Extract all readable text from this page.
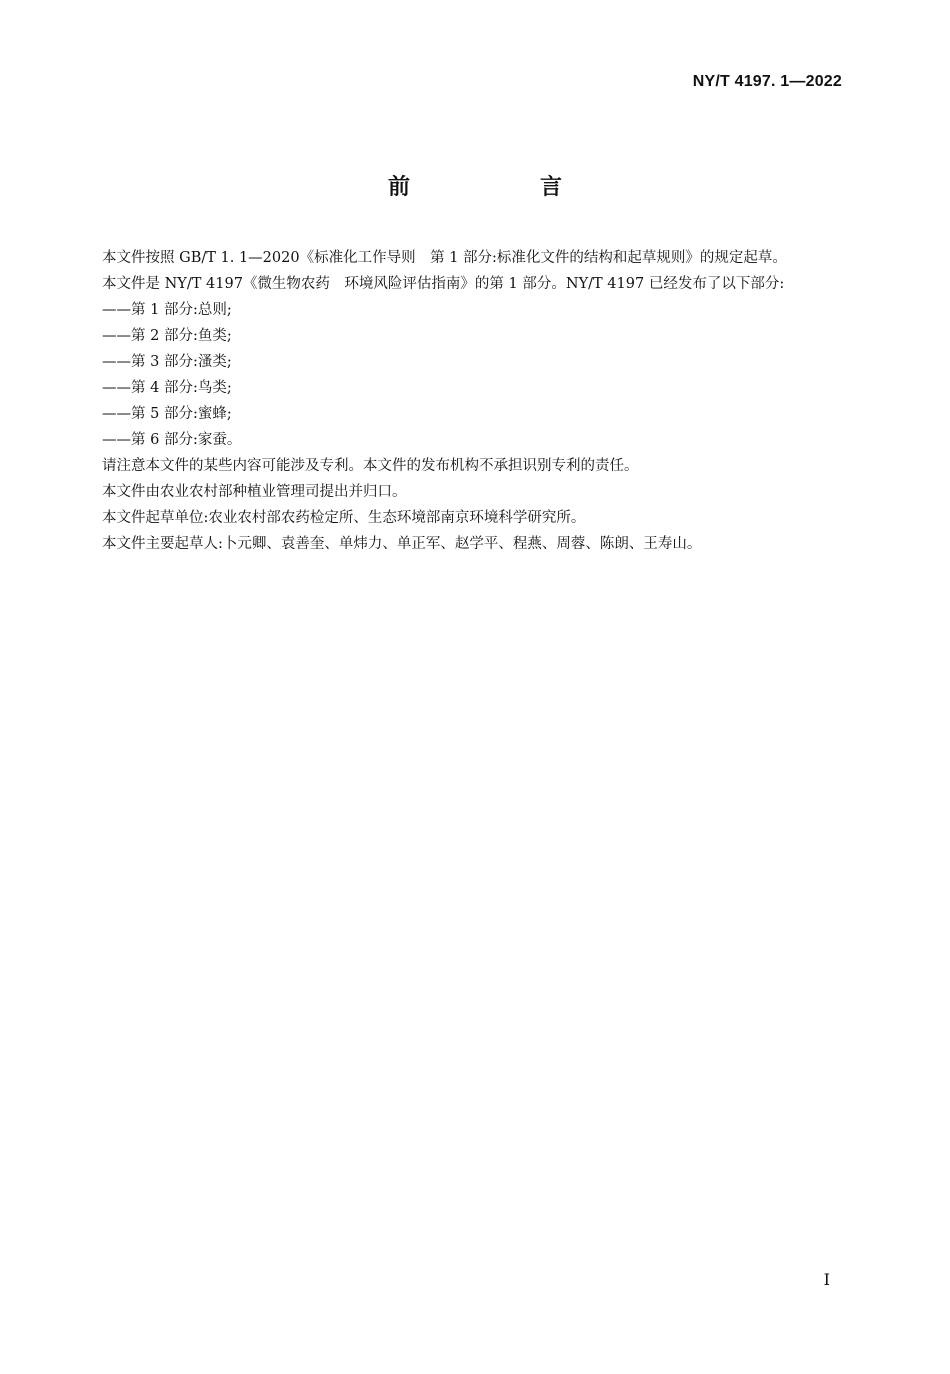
NY/T 4197. 1—2022
前　言

本文件按照 GB/T 1. 1—2020《标准化工作导则　第 1 部分:标准化文件的结构和起草规则》的规定起草。

本文件是 NY/T 4197《微生物农药　环境风险评估指南》的第 1 部分。NY/T 4197 已经发布了以下部分:

——第 1 部分:总则;
——第 2 部分:鱼类;
——第 3 部分:溞类;
——第 4 部分:鸟类;
——第 5 部分:蜜蜂;
——第 6 部分:家蚕。

请注意本文件的某些内容可能涉及专利。本文件的发布机构不承担识别专利的责任。

本文件由农业农村部种植业管理司提出并归口。

本文件起草单位:农业农村部农药检定所、生态环境部南京环境科学研究所。

本文件主要起草人:卜元卿、袁善奎、单炜力、单正军、赵学平、程燕、周蓉、陈朗、王寿山。

I
